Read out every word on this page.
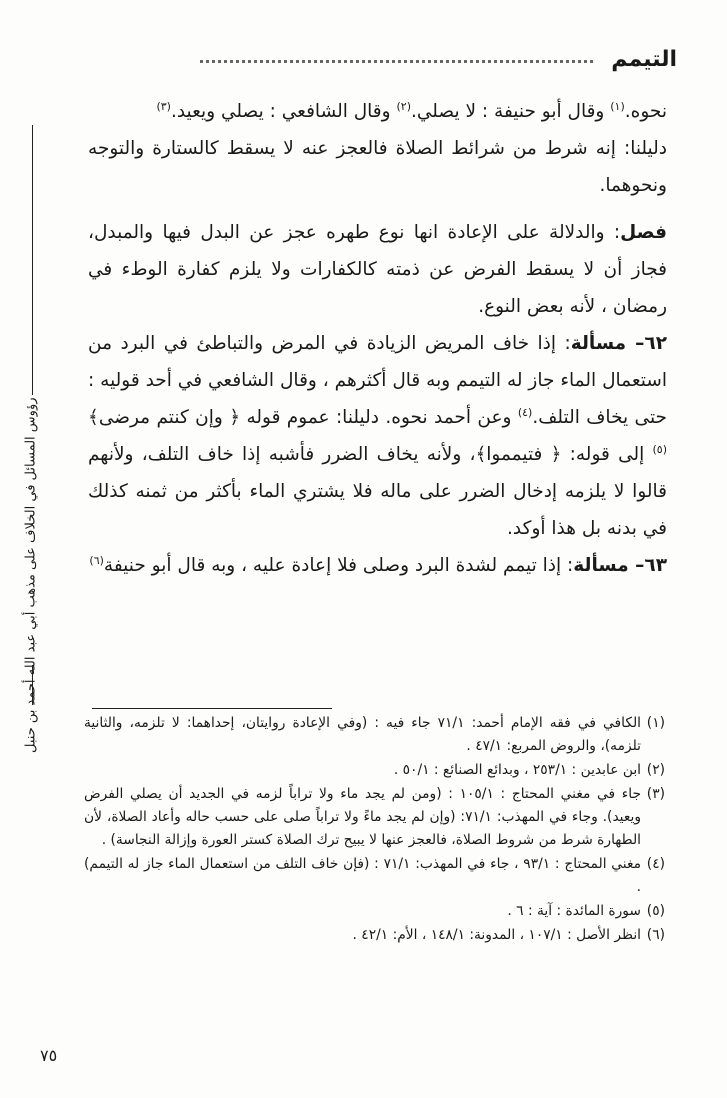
التيمم
رؤوس المسائل في الخلاف على مذهب أبي عبد الله أحمد بن حنبل

نحوه.$^{(١)}$ وقال أبو حنيفة : لا يصلي.$^{(٢)}$ وقال الشافعي : يصلي ويعيد.$^{(٣)}$

دليلنا: إنه شرط من شرائط الصلاة فالعجز عنه لا يسقط كالستارة والتوجه ونحوهما.

فصل: والدلالة على الإعادة انها نوع طهره عجز عن البدل فيها والمبدل، فجاز أن لا يسقط الفرض عن ذمته كالكفارات ولا يلزم كفارة الوطء في رمضان ، لأنه بعض النوع.

٦٢– مسألة: إذا خاف المريض الزيادة في المرض والتباطئ في البرد من استعمال الماء جاز له التيمم وبه قال أكثرهم ، وقال الشافعي في أحد قوليه : حتى يخاف التلف.$^{(٤)}$ وعن أحمد نحوه. دليلنا: عموم قوله ﴿ وإن كنتم مرضى﴾$^{(٥)}$ إلى قوله: ﴿ فتيمموا﴾، ولأنه يخاف الضرر فأشبه إذا خاف التلف، ولأنهم قالوا لا يلزمه إدخال الضرر على ماله فلا يشتري الماء بأكثر من ثمنه كذلك في بدنه بل هذا أوكد.

٦٣– مسألة: إذا تيمم لشدة البرد وصلى فلا إعادة عليه ، وبه قال أبو حنيفة$^{(٦)}$

(١)
الكافي في فقه الإمام أحمد: ٧١/١ جاء فيه : (وفي الإعادة روايتان، إحداهما: لا تلزمه، والثانية تلزمه)، والروض المربع: ٤٧/١ .

(٢)
ابن عابدين : ٢٥٣/١ ، وبدائع الصنائع : ٥٠/١ .

(٣)
جاء في مغني المحتاج : ١٠٥/١ : (ومن لم يجد ماء ولا تراباً لزمه في الجديد أن يصلي الفرض ويعيد). وجاء في المهذب: ٧١/١: (وإن لم يجد ماءً ولا تراباً صلى على حسب حاله وأعاد الصلاة، لأن الطهارة شرط من شروط الصلاة، فالعجز عنها لا يبيح ترك الصلاة كستر العورة وإزالة النجاسة) .

(٤)
مغني المحتاج : ٩٣/١ ، جاء في المهذب: ٧١/١ : (فإن خاف التلف من استعمال الماء جاز له التيمم) .

(٥)
سورة المائدة : آية : ٦ .

(٦)
انظر الأصل : ١٠٧/١ ، المدونة: ١٤٨/١ ، الأم: ٤٢/١ .

٧٥
